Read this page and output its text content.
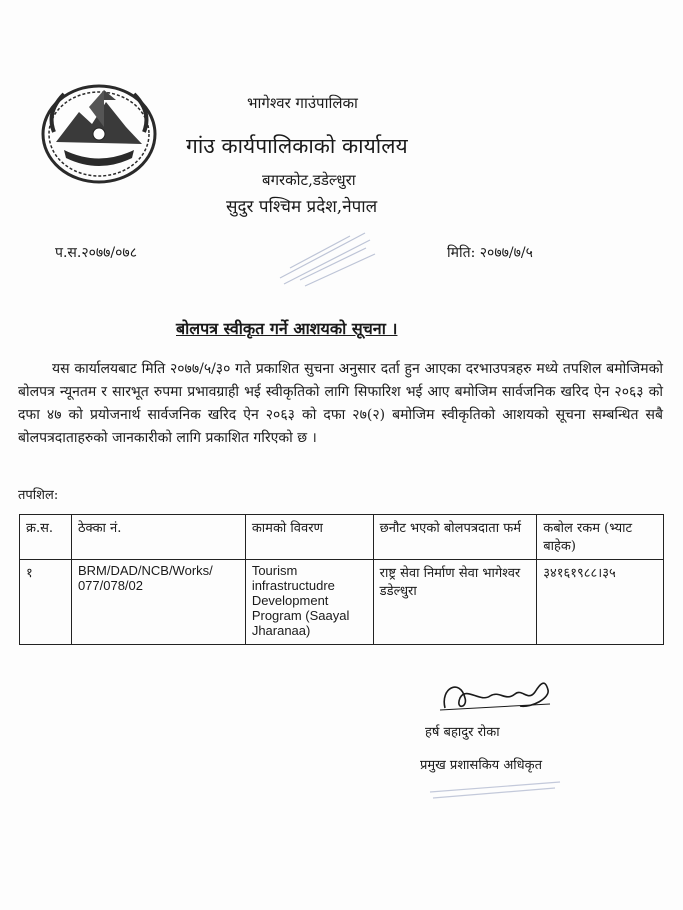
भागेश्वर गाउंपालिका
गांउ कार्यपालिकाको कार्यालय
बगरकोट,डडेल्धुरा
सुदुर पश्चिम प्रदेश,नेपाल
प.स.२०७७/०७८	मिति: २०७७/७/५
बोलपत्र स्वीकृत गर्ने आशयको सूचना ।
यस कार्यालयबाट मिति २०७७/५/३० गते प्रकाशित सुचना अनुसार दर्ता हुन आएका दरभाउपत्रहरु मध्ये तपशिल बमोजिमको बोलपत्र न्यूनतम र सारभूत रुपमा प्रभावग्राही भई स्वीकृतिको लागि सिफारिश भई आए बमोजिम सार्वजनिक खरिद ऐन २०६३ को दफा ४७ को प्रयोजनार्थ सार्वजनिक खरिद ऐन २०६३ को दफा २७(२) बमोजिम स्वीकृतिको आशयको सूचना सम्बन्धित सबै बोलपत्रदाताहरुको जानकारीको लागि प्रकाशित गरिएको छ ।
तपशिल:
क्र.स.	ठेक्का नं.	कामको विवरण	छनौट भएको बोलपत्रदाता फर्म	कबोल रकम (भ्याट बाहेक)
१	BRM/DAD/NCB/Works/ 077/078/02	Tourism infrastructudre Development Program (Saayal Jharanaa)	राष्ट्र सेवा निर्माण सेवा भागेश्वर डडेल्धुरा	३४१६१९८८।३५
हर्ष बहादुर रोका
प्रमुख प्रशासकिय अधिकृत
